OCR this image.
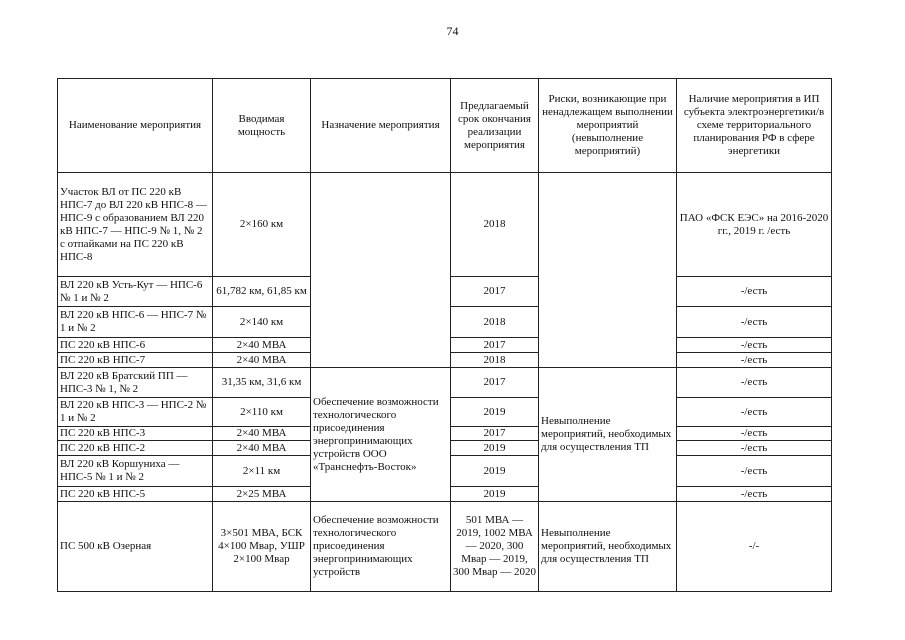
74
Наименование мероприятия	Вводимая мощность	Назначение мероприятия	Предлагаемый срок окончания реализации мероприятия	Риски, возникающие при ненадлежащем выполнении мероприятий (невыполнение мероприятий)	Наличие мероприятия в ИП субъекта электроэнергетики/в схеме территориального планирования РФ в сфере энергетики
Участок ВЛ от ПС 220 кВ НПС-7 до ВЛ 220 кВ НПС-8 — НПС-9 с образованием ВЛ 220 кВ НПС-7 — НПС-9 № 1, № 2 с отпайками на ПС 220 кВ НПС-8	2×160 км		2018		ПАО «ФСК ЕЭС» на 2016-2020 гг., 2019 г. /есть
ВЛ 220 кВ Усть-Кут — НПС-6 № 1 и № 2	61,782 км, 61,85 км		2017		-/есть
ВЛ 220 кВ НПС-6 — НПС-7 № 1 и № 2	2×140 км		2018		-/есть
ПС 220 кВ НПС-6	2×40 МВА		2017		-/есть
ПС 220 кВ НПС-7	2×40 МВА		2018		-/есть
ВЛ 220 кВ Братский ПП — НПС-3 № 1, № 2	31,35 км, 31,6 км	Обеспечение возможности технологического присоединения энергопринимающих устройств ООО «Транснефть-Восток»	2017	Невыполнение мероприятий, необходимых для осуществления ТП	-/есть
ВЛ 220 кВ НПС-3 — НПС-2 № 1 и № 2	2×110 км		2019		-/есть
ПС 220 кВ НПС-3	2×40 МВА		2017		-/есть
ПС 220 кВ НПС-2	2×40 МВА		2019		-/есть
ВЛ 220 кВ Коршуниха — НПС-5 № 1 и № 2	2×11 км		2019		-/есть
ПС 220 кВ НПС-5	2×25 МВА		2019		-/есть
ПС 500 кВ Озерная	3×501 МВА, БСК 4×100 Мвар, УШР 2×100 Мвар	Обеспечение возможности технологического присоединения энергопринимающих устройств	501 МВА — 2019, 1002 МВА — 2020, 300 Мвар — 2019, 300 Мвар — 2020	Невыполнение мероприятий, необходимых для осуществления ТП	-/-
